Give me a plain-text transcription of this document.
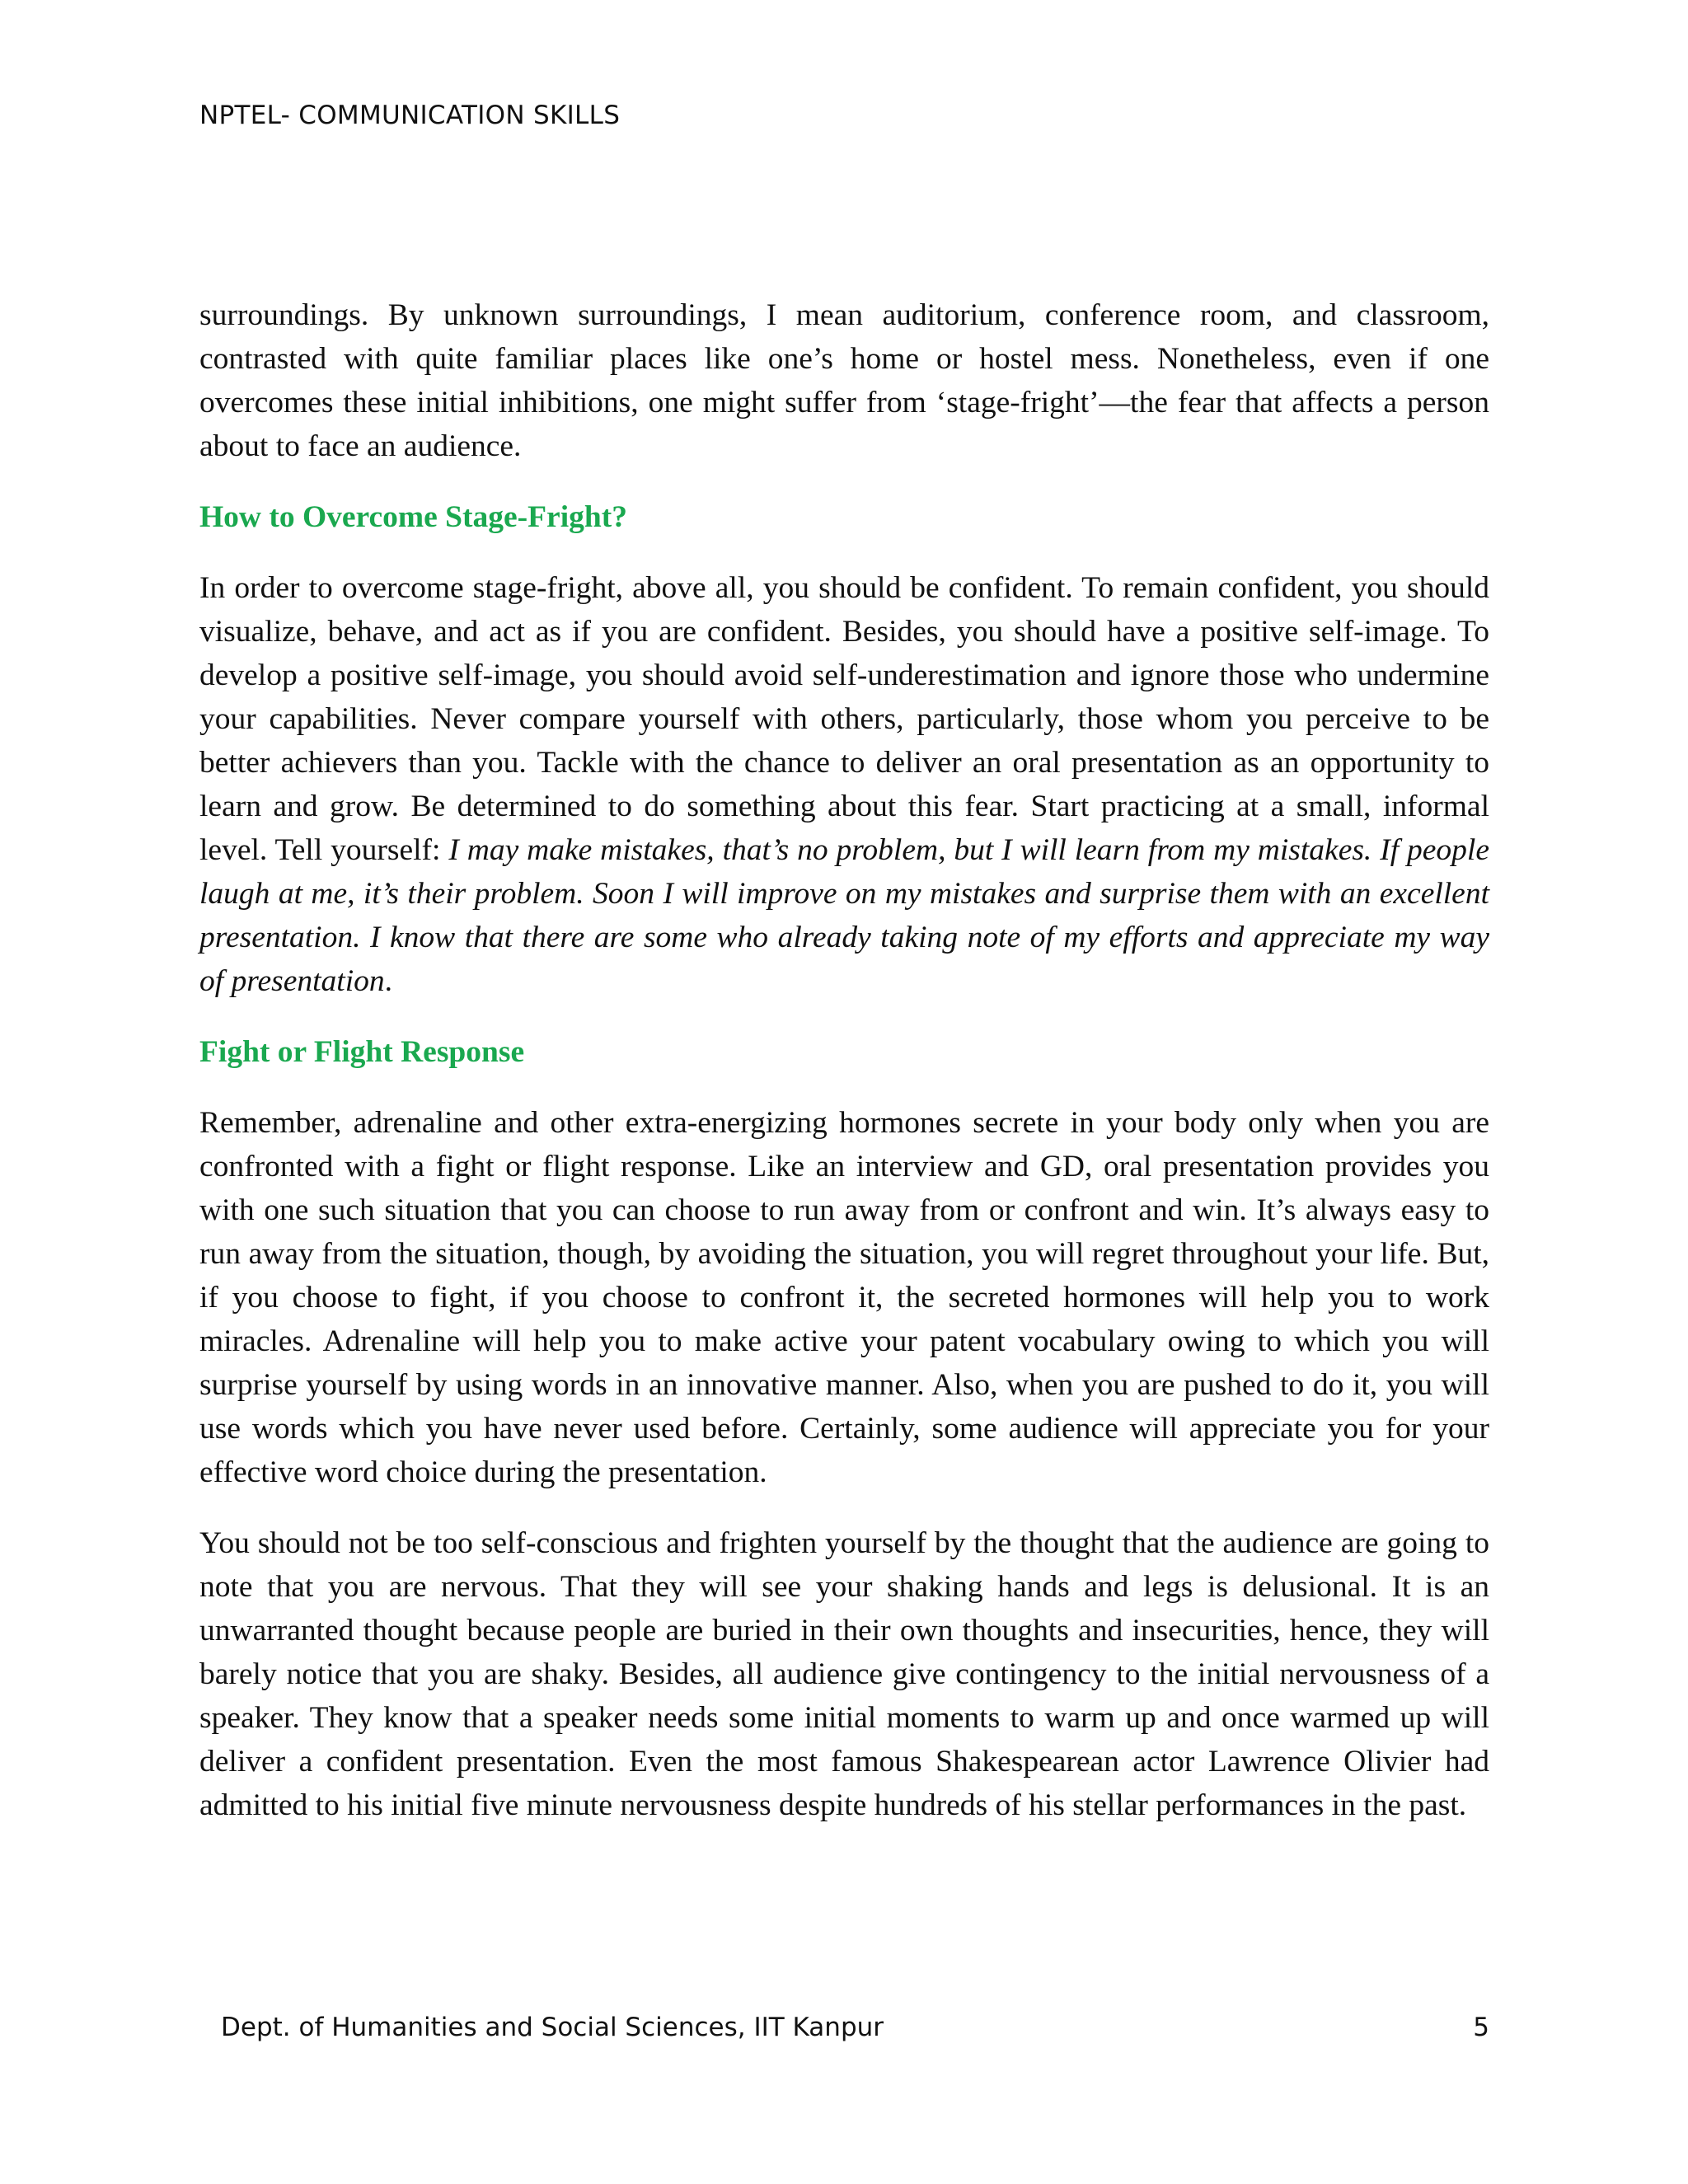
NPTEL- COMMUNICATION SKILLS

surroundings. By unknown surroundings, I mean auditorium, conference room, and classroom, contrasted with quite familiar places like one’s home or hostel mess. Nonetheless, even if one overcomes these initial inhibitions, one might suffer from ‘stage-fright’—the fear that affects a person about to face an audience.

How to Overcome Stage-Fright?

In order to overcome stage-fright, above all, you should be confident. To remain confident, you should visualize, behave, and act as if you are confident. Besides, you should have a positive self-image. To develop a positive self-image, you should avoid self-underestimation and ignore those who undermine your capabilities. Never compare yourself with others, particularly, those whom you perceive to be better achievers than you. Tackle with the chance to deliver an oral presentation as an opportunity to learn and grow. Be determined to do something about this fear. Start practicing at a small, informal level. Tell yourself: I may make mistakes, that’s no problem, but I will learn from my mistakes. If people laugh at me, it’s their problem. Soon I will improve on my mistakes and surprise them with an excellent presentation. I know that there are some who already taking note of my efforts and appreciate my way of presentation.

Fight or Flight Response

Remember, adrenaline and other extra-energizing hormones secrete in your body only when you are confronted with a fight or flight response. Like an interview and GD, oral presentation provides you with one such situation that you can choose to run away from or confront and win. It’s always easy to run away from the situation, though, by avoiding the situation, you will regret throughout your life. But, if you choose to fight, if you choose to confront it, the secreted hormones will help you to work miracles. Adrenaline will help you to make active your patent vocabulary owing to which you will surprise yourself by using words in an innovative manner. Also, when you are pushed to do it, you will use words which you have never used before. Certainly, some audience will appreciate you for your effective word choice during the presentation.

You should not be too self-conscious and frighten yourself by the thought that the audience are going to note that you are nervous. That they will see your shaking hands and legs is delusional. It is an unwarranted thought because people are buried in their own thoughts and insecurities, hence, they will barely notice that you are shaky. Besides, all audience give contingency to the initial nervousness of a speaker. They know that a speaker needs some initial moments to warm up and once warmed up will deliver a confident presentation. Even the most famous Shakespearean actor Lawrence Olivier had admitted to his initial five minute nervousness despite hundreds of his stellar performances in the past.

Dept. of Humanities and Social Sciences, IIT Kanpur	5
